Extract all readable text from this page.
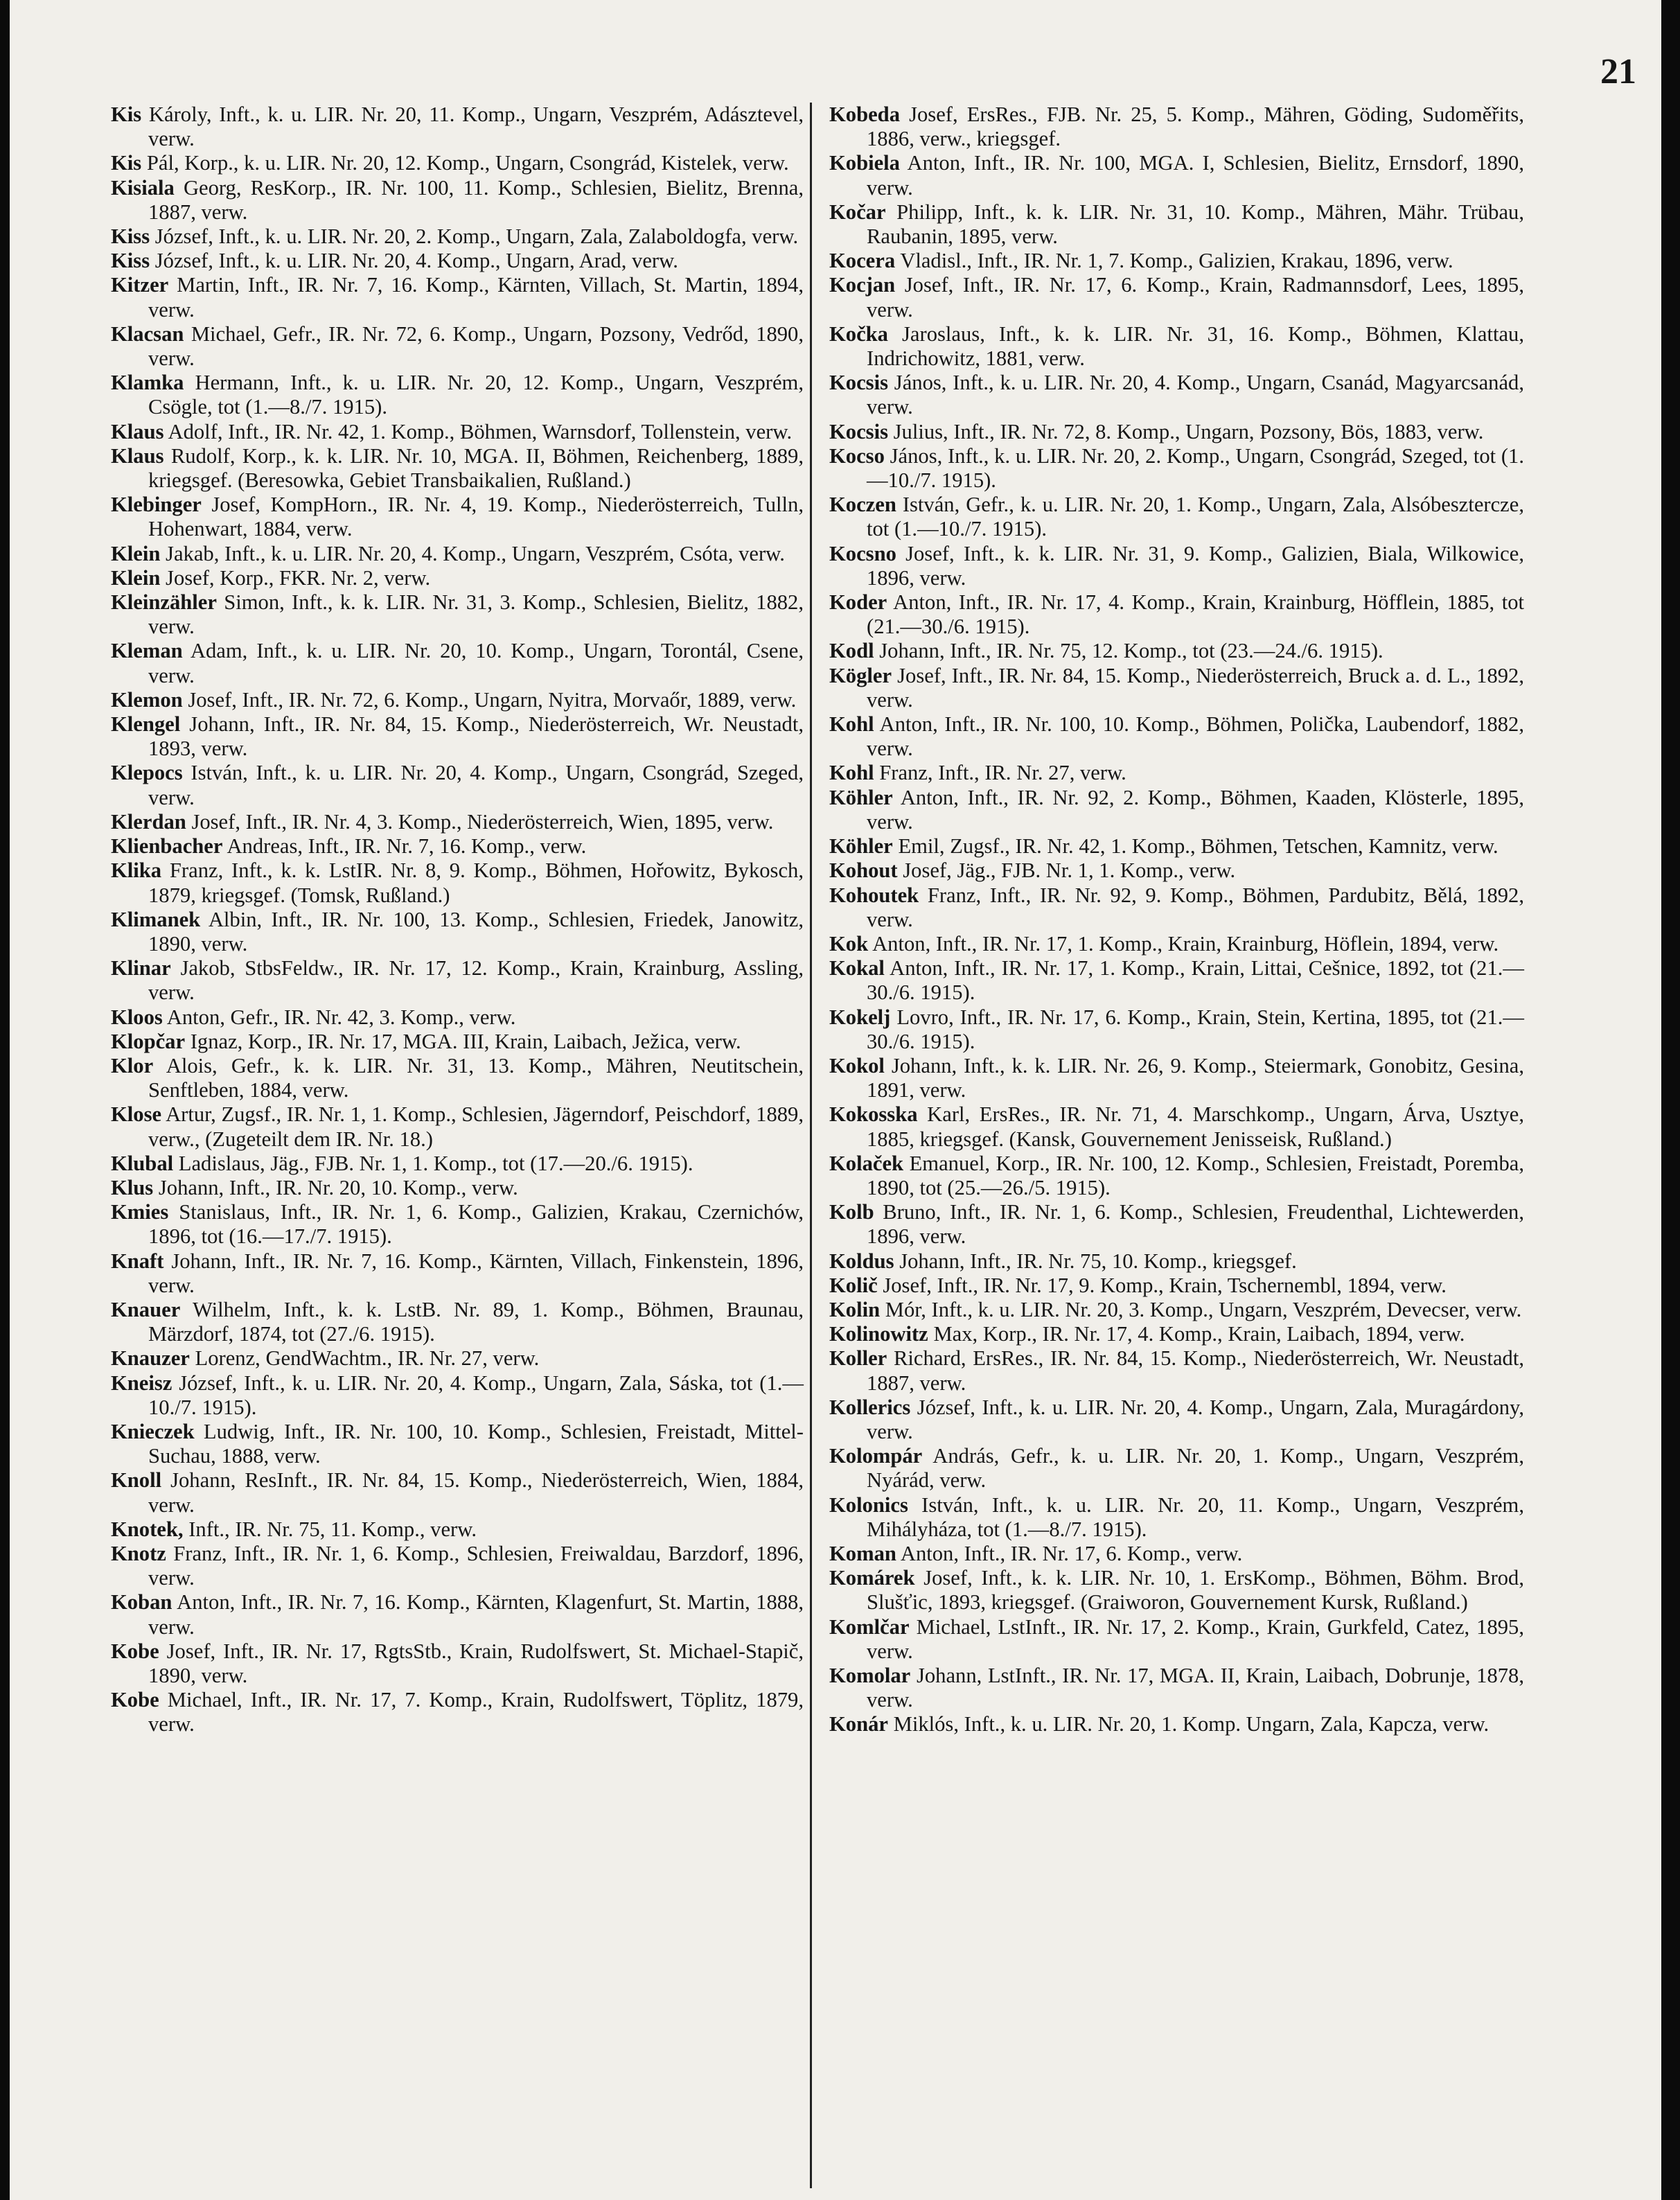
21

Kis Károly, Inft., k. u. LIR. Nr. 20, 11. Komp., Ungarn, Veszprém, Adásztevel, verw.

Kis Pál, Korp., k. u. LIR. Nr. 20, 12. Komp., Ungarn, Csongrád, Kistelek, verw.

Kisiala Georg, ResKorp., IR. Nr. 100, 11. Komp., Schlesien, Bielitz, Brenna, 1887, verw.

Kiss József, Inft., k. u. LIR. Nr. 20, 2. Komp., Ungarn, Zala, Zalaboldogfa, verw.

Kiss József, Inft., k. u. LIR. Nr. 20, 4. Komp., Ungarn, Arad, verw.

Kitzer Martin, Inft., IR. Nr. 7, 16. Komp., Kärnten, Villach, St. Martin, 1894, verw.

Klacsan Michael, Gefr., IR. Nr. 72, 6. Komp., Ungarn, Pozsony, Vedrőd, 1890, verw.

Klamka Hermann, Inft., k. u. LIR. Nr. 20, 12. Komp., Ungarn, Veszprém, Csögle, tot (1.—8./7. 1915).

Klaus Adolf, Inft., IR. Nr. 42, 1. Komp., Böhmen, Warnsdorf, Tollenstein, verw.

Klaus Rudolf, Korp., k. k. LIR. Nr. 10, MGA. II, Böhmen, Reichenberg, 1889, kriegsgef. (Beresowka, Gebiet Transbaikalien, Rußland.)

Klebinger Josef, KompHorn., IR. Nr. 4, 19. Komp., Niederösterreich, Tulln, Hohenwart, 1884, verw.

Klein Jakab, Inft., k. u. LIR. Nr. 20, 4. Komp., Ungarn, Veszprém, Csóta, verw.

Klein Josef, Korp., FKR. Nr. 2, verw.

Kleinzähler Simon, Inft., k. k. LIR. Nr. 31, 3. Komp., Schlesien, Bielitz, 1882, verw.

Kleman Adam, Inft., k. u. LIR. Nr. 20, 10. Komp., Ungarn, Torontál, Csene, verw.

Klemon Josef, Inft., IR. Nr. 72, 6. Komp., Ungarn, Nyitra, Morvaőr, 1889, verw.

Klengel Johann, Inft., IR. Nr. 84, 15. Komp., Niederösterreich, Wr. Neustadt, 1893, verw.

Klepocs István, Inft., k. u. LIR. Nr. 20, 4. Komp., Ungarn, Csongrád, Szeged, verw.

Klerdan Josef, Inft., IR. Nr. 4, 3. Komp., Niederösterreich, Wien, 1895, verw.

Klienbacher Andreas, Inft., IR. Nr. 7, 16. Komp., verw.

Klika Franz, Inft., k. k. LstIR. Nr. 8, 9. Komp., Böhmen, Hořowitz, Bykosch, 1879, kriegsgef. (Tomsk, Rußland.)

Klimanek Albin, Inft., IR. Nr. 100, 13. Komp., Schlesien, Friedek, Janowitz, 1890, verw.

Klinar Jakob, StbsFeldw., IR. Nr. 17, 12. Komp., Krain, Krainburg, Assling, verw.

Kloos Anton, Gefr., IR. Nr. 42, 3. Komp., verw.

Klopčar Ignaz, Korp., IR. Nr. 17, MGA. III, Krain, Laibach, Ježica, verw.

Klor Alois, Gefr., k. k. LIR. Nr. 31, 13. Komp., Mähren, Neutitschein, Senftleben, 1884, verw.

Klose Artur, Zugsf., IR. Nr. 1, 1. Komp., Schlesien, Jägerndorf, Peischdorf, 1889, verw., (Zugeteilt dem IR. Nr. 18.)

Klubal Ladislaus, Jäg., FJB. Nr. 1, 1. Komp., tot (17.—20./6. 1915).

Klus Johann, Inft., IR. Nr. 20, 10. Komp., verw.

Kmies Stanislaus, Inft., IR. Nr. 1, 6. Komp., Galizien, Krakau, Czernichów, 1896, tot (16.—17./7. 1915).

Knaft Johann, Inft., IR. Nr. 7, 16. Komp., Kärnten, Villach, Finkenstein, 1896, verw.

Knauer Wilhelm, Inft., k. k. LstB. Nr. 89, 1. Komp., Böhmen, Braunau, Märzdorf, 1874, tot (27./6. 1915).

Knauzer Lorenz, GendWachtm., IR. Nr. 27, verw.

Kneisz József, Inft., k. u. LIR. Nr. 20, 4. Komp., Ungarn, Zala, Sáska, tot (1.—10./7. 1915).

Knieczek Ludwig, Inft., IR. Nr. 100, 10. Komp., Schlesien, Freistadt, Mittel-Suchau, 1888, verw.

Knoll Johann, ResInft., IR. Nr. 84, 15. Komp., Niederösterreich, Wien, 1884, verw.

Knotek, Inft., IR. Nr. 75, 11. Komp., verw.

Knotz Franz, Inft., IR. Nr. 1, 6. Komp., Schlesien, Freiwaldau, Barzdorf, 1896, verw.

Koban Anton, Inft., IR. Nr. 7, 16. Komp., Kärnten, Klagenfurt, St. Martin, 1888, verw.

Kobe Josef, Inft., IR. Nr. 17, RgtsStb., Krain, Rudolfswert, St. Michael-Stapič, 1890, verw.

Kobe Michael, Inft., IR. Nr. 17, 7. Komp., Krain, Rudolfswert, Töplitz, 1879, verw.

Kobeda Josef, ErsRes., FJB. Nr. 25, 5. Komp., Mähren, Göding, Sudoměřits, 1886, verw., kriegsgef.

Kobiela Anton, Inft., IR. Nr. 100, MGA. I, Schlesien, Bielitz, Ernsdorf, 1890, verw.

Kočar Philipp, Inft., k. k. LIR. Nr. 31, 10. Komp., Mähren, Mähr. Trübau, Raubanin, 1895, verw.

Kocera Vladisl., Inft., IR. Nr. 1, 7. Komp., Galizien, Krakau, 1896, verw.

Kocjan Josef, Inft., IR. Nr. 17, 6. Komp., Krain, Radmannsdorf, Lees, 1895, verw.

Kočka Jaroslaus, Inft., k. k. LIR. Nr. 31, 16. Komp., Böhmen, Klattau, Indrichowitz, 1881, verw.

Kocsis János, Inft., k. u. LIR. Nr. 20, 4. Komp., Ungarn, Csanád, Magyarcsanád, verw.

Kocsis Julius, Inft., IR. Nr. 72, 8. Komp., Ungarn, Pozsony, Bös, 1883, verw.

Kocso János, Inft., k. u. LIR. Nr. 20, 2. Komp., Ungarn, Csongrád, Szeged, tot (1.—10./7. 1915).

Koczen István, Gefr., k. u. LIR. Nr. 20, 1. Komp., Ungarn, Zala, Alsóbesztercze, tot (1.—10./7. 1915).

Kocsno Josef, Inft., k. k. LIR. Nr. 31, 9. Komp., Galizien, Biala, Wilkowice, 1896, verw.

Koder Anton, Inft., IR. Nr. 17, 4. Komp., Krain, Krainburg, Höfflein, 1885, tot (21.—30./6. 1915).

Kodl Johann, Inft., IR. Nr. 75, 12. Komp., tot (23.—24./6. 1915).

Kögler Josef, Inft., IR. Nr. 84, 15. Komp., Niederösterreich, Bruck a. d. L., 1892, verw.

Kohl Anton, Inft., IR. Nr. 100, 10. Komp., Böhmen, Polička, Laubendorf, 1882, verw.

Kohl Franz, Inft., IR. Nr. 27, verw.

Köhler Anton, Inft., IR. Nr. 92, 2. Komp., Böhmen, Kaaden, Klösterle, 1895, verw.

Köhler Emil, Zugsf., IR. Nr. 42, 1. Komp., Böhmen, Tetschen, Kamnitz, verw.

Kohout Josef, Jäg., FJB. Nr. 1, 1. Komp., verw.

Kohoutek Franz, Inft., IR. Nr. 92, 9. Komp., Böhmen, Pardubitz, Bělá, 1892, verw.

Kok Anton, Inft., IR. Nr. 17, 1. Komp., Krain, Krainburg, Höflein, 1894, verw.

Kokal Anton, Inft., IR. Nr. 17, 1. Komp., Krain, Littai, Cešnice, 1892, tot (21.—30./6. 1915).

Kokelj Lovro, Inft., IR. Nr. 17, 6. Komp., Krain, Stein, Kertina, 1895, tot (21.—30./6. 1915).

Kokol Johann, Inft., k. k. LIR. Nr. 26, 9. Komp., Steiermark, Gonobitz, Gesina, 1891, verw.

Kokosska Karl, ErsRes., IR. Nr. 71, 4. Marschkomp., Ungarn, Árva, Usztye, 1885, kriegsgef. (Kansk, Gouvernement Jenisseisk, Rußland.)

Kolaček Emanuel, Korp., IR. Nr. 100, 12. Komp., Schlesien, Freistadt, Poremba, 1890, tot (25.—26./5. 1915).

Kolb Bruno, Inft., IR. Nr. 1, 6. Komp., Schlesien, Freudenthal, Lichtewerden, 1896, verw.

Koldus Johann, Inft., IR. Nr. 75, 10. Komp., kriegsgef.

Količ Josef, Inft., IR. Nr. 17, 9. Komp., Krain, Tschernembl, 1894, verw.

Kolin Mór, Inft., k. u. LIR. Nr. 20, 3. Komp., Ungarn, Veszprém, Devecser, verw.

Kolinowitz Max, Korp., IR. Nr. 17, 4. Komp., Krain, Laibach, 1894, verw.

Koller Richard, ErsRes., IR. Nr. 84, 15. Komp., Niederösterreich, Wr. Neustadt, 1887, verw.

Kollerics József, Inft., k. u. LIR. Nr. 20, 4. Komp., Ungarn, Zala, Muragárdony, verw.

Kolompár András, Gefr., k. u. LIR. Nr. 20, 1. Komp., Ungarn, Veszprém, Nyárád, verw.

Kolonics István, Inft., k. u. LIR. Nr. 20, 11. Komp., Ungarn, Veszprém, Mihályháza, tot (1.—8./7. 1915).

Koman Anton, Inft., IR. Nr. 17, 6. Komp., verw.

Komárek Josef, Inft., k. k. LIR. Nr. 10, 1. ErsKomp., Böhmen, Böhm. Brod, Slušťic, 1893, kriegsgef. (Graiworon, Gouvernement Kursk, Rußland.)

Komlčar Michael, LstInft., IR. Nr. 17, 2. Komp., Krain, Gurkfeld, Catez, 1895, verw.

Komolar Johann, LstInft., IR. Nr. 17, MGA. II, Krain, Laibach, Dobrunje, 1878, verw.

Konár Miklós, Inft., k. u. LIR. Nr. 20, 1. Komp. Ungarn, Zala, Kapcza, verw.
